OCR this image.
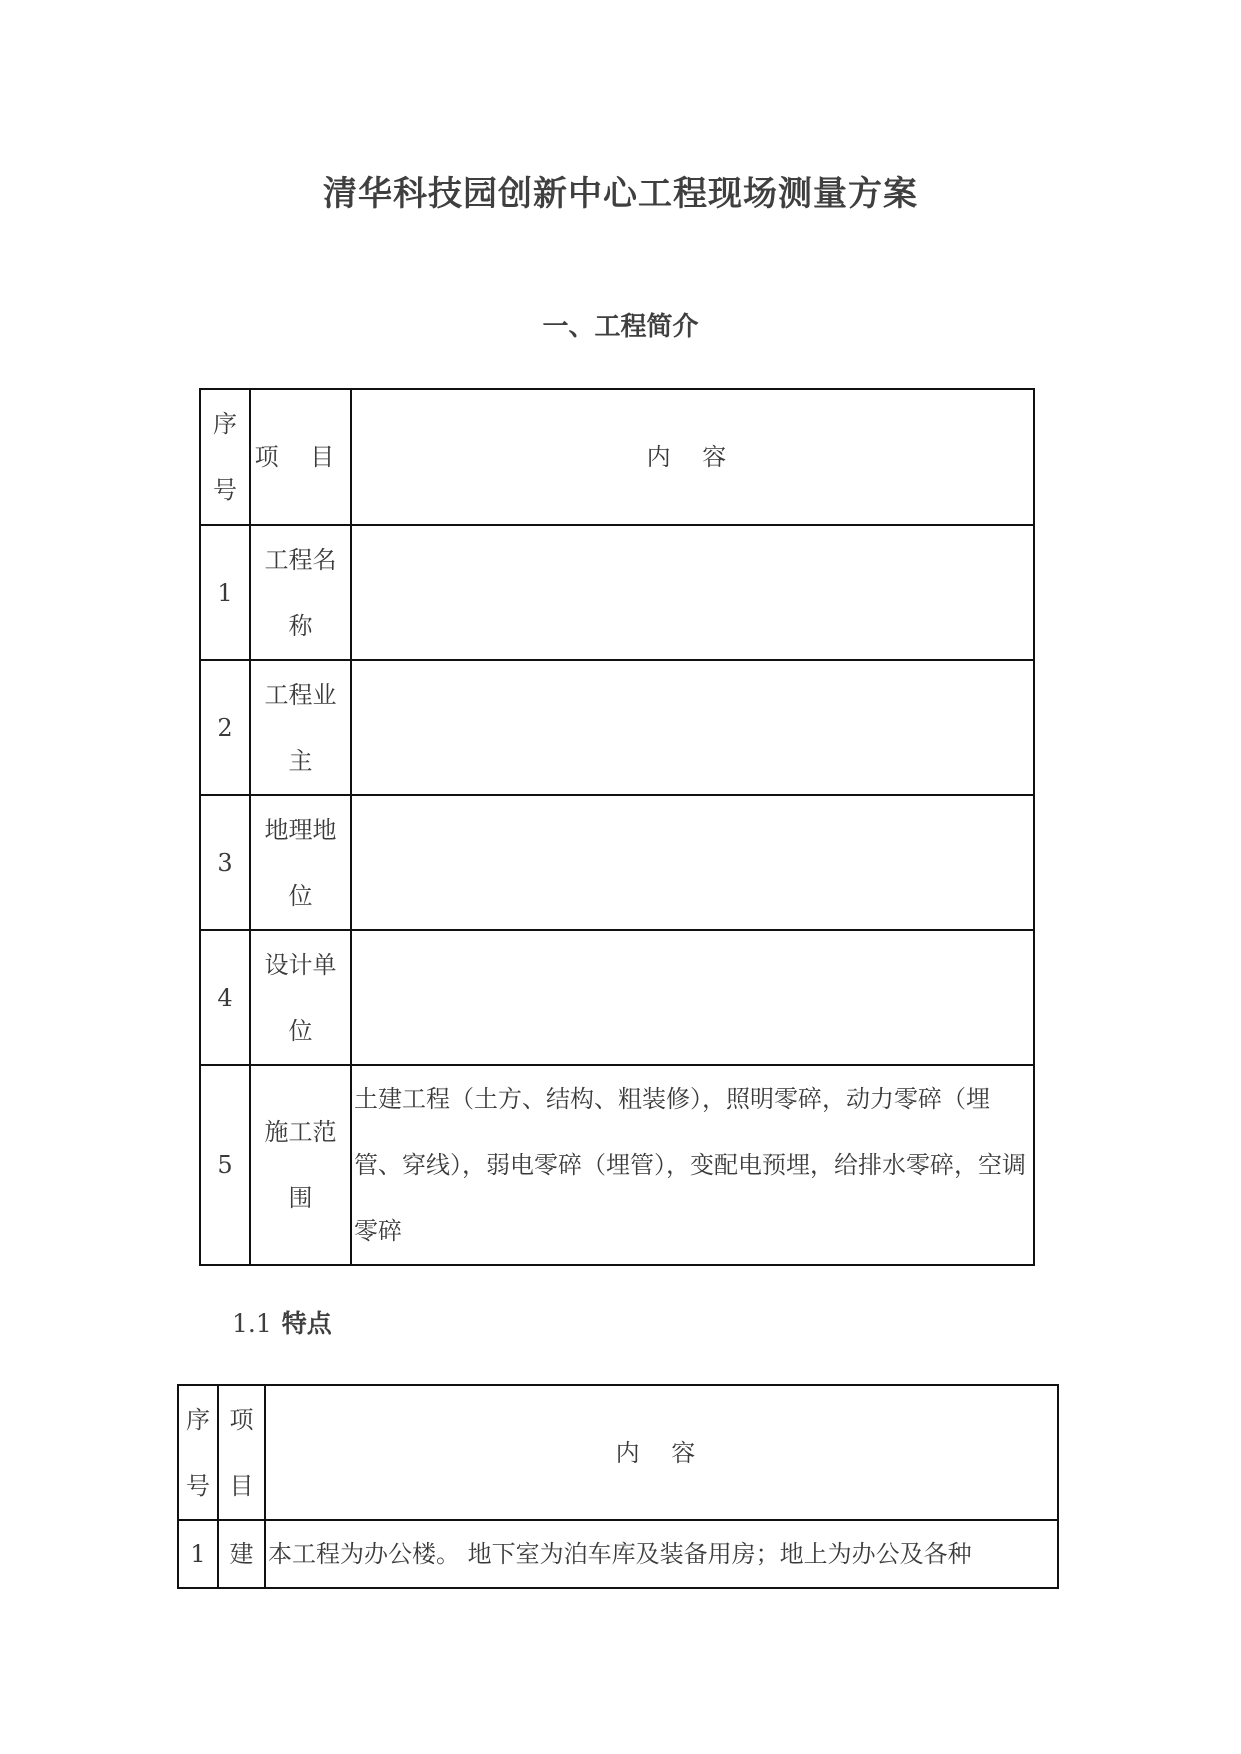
清华科技园创新中心工程现场测量方案
一、工程简介
序号	项 目	内 容
1	工程名称	
2	工程业主	
3	地理地位	
4	设计单位	
5	施工范围	土建工程（土方、结构、粗装修），照明零碎，动力零碎（埋管、穿线），弱电零碎（埋管），变配电预埋，给排水零碎，空调零碎
1.1 特点
序号	项目	内 容
1	建	本工程为办公楼。 地下室为泊车库及装备用房；地上为办公及各种
